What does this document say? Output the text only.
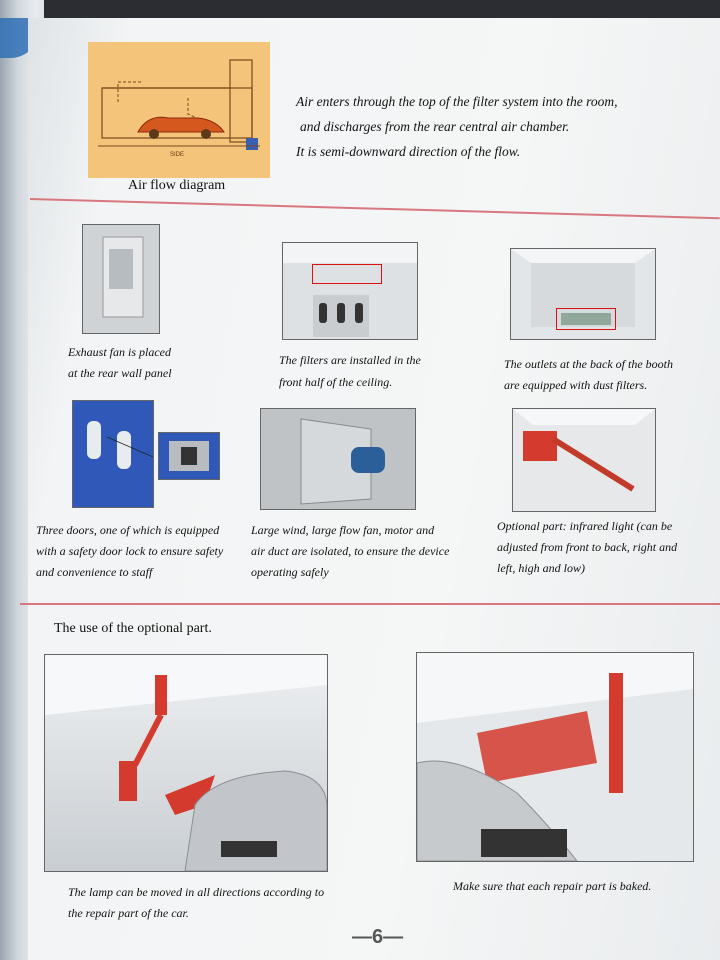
SIDE
Air flow diagram
Air enters through the top of the filter system into the room,
and discharges from the rear central air chamber.
It is semi-downward direction of the flow.
Exhaust fan is placed
at the rear wall panel
The filters are installed in the
front half of the ceiling.
The outlets at the back of the booth
are equipped with dust filters.
Three doors, one of which is equipped
with a safety door lock to ensure safety
and convenience to staff
Large wind, large flow fan, motor and
air duct are isolated, to ensure the device
operating safely
Optional part: infrared light (can be
adjusted from front to back, right and
left, high and low)
The use of the optional part.
The lamp can be moved in all directions according to
the repair part of the car.
Make sure that each repair part is baked.
—6—
